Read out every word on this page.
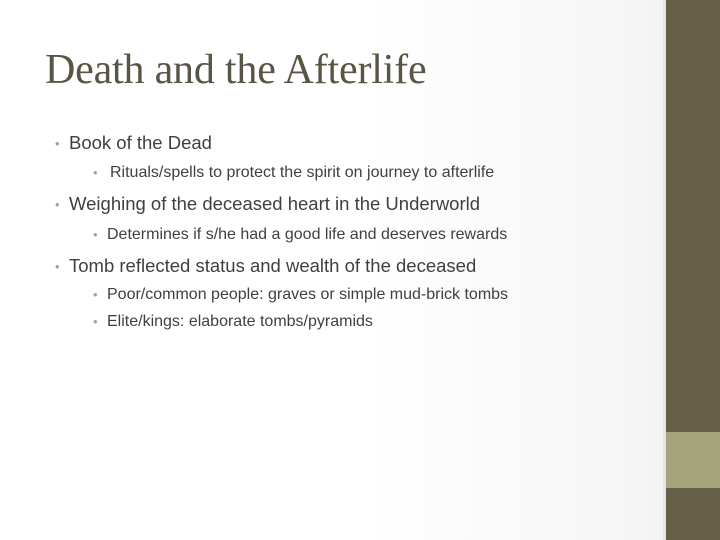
Death and the Afterlife
• Book of the Dead
• Rituals/spells to protect the spirit on journey to afterlife
• Weighing of the deceased heart in the Underworld
• Determines if s/he had a good life and deserves rewards
• Tomb reflected status and wealth of the deceased
• Poor/common people: graves or simple mud-brick tombs
• Elite/kings: elaborate tombs/pyramids
